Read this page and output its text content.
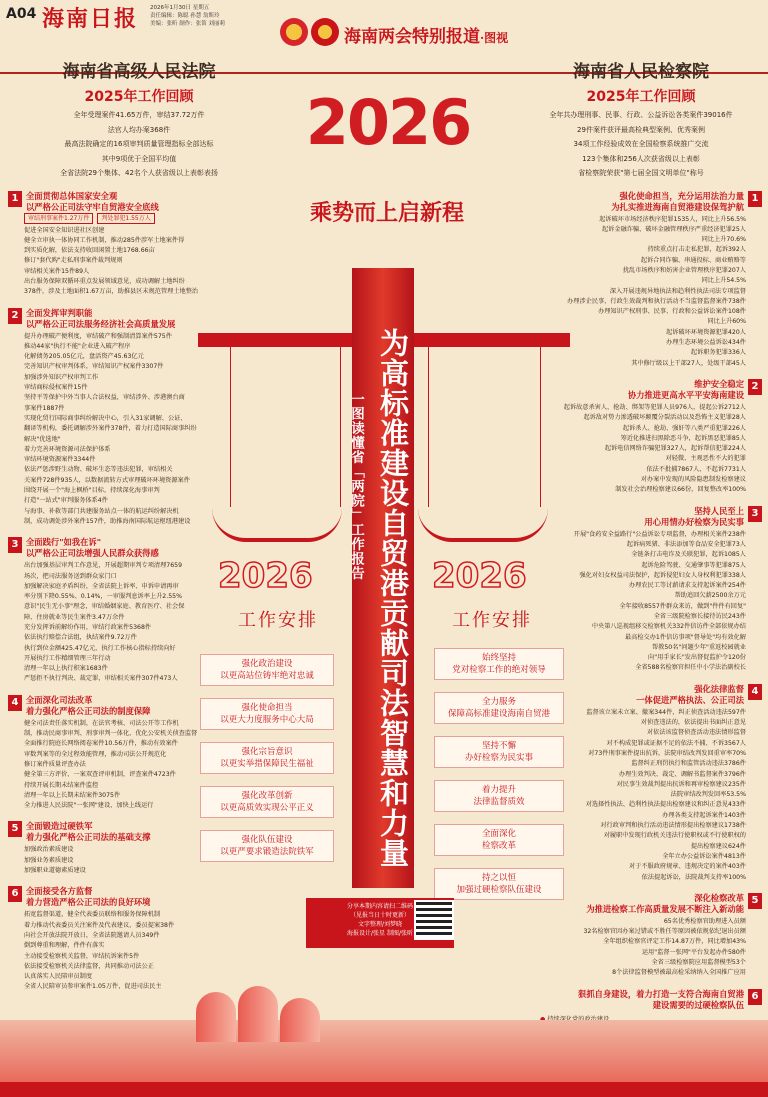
A04 海南日报 2026年1月30日 星期五
责任编辑：陈聪 孙慧 翁斯玲
美编：张昕 制作：张笛 刘丽莉
海南两会特别报道·图视
2026
乘势而上启新程
为高标准建设自贸港贡献司法智慧和力量
一图读懂省「两院」工作报告
2026	2026
工作安排	工作安排
强化政治建设
以更高站位铸牢绝对忠诚
强化使命担当
以更大力度服务中心大局
强化宗旨意识
以更实举措保障民生福祉
强化改革创新
以更高质效实现公平正义
强化队伍建设
以更严要求锻造法院铁军
始终坚持
党对检察工作的绝对领导
全力服务
保障高标准建设海南自贸港
坚持不懈
办好检察为民实事
着力提升
法律监督质效
全面深化
检察改革
持之以恒
加强过硬检察队伍建设
分享本期内容请扫二维码
（见报当日十时更新）
文字整理/刘梦晓
海报设计/张星 制图/张昕
海南省高级人民法院
2025年工作回顾
全年受理案件41.65万件，审结37.72万件
法官人均办案368件
最高法院确定的16项审判质量管理指标全部达标
其中9项优于全国平均值
全省法院29个集体、42名个人获省级以上表彰表扬
1 全面贯彻总体国家安全观
以严格公正司法守牢自贸港安全底线
审结刑事案件1.27万件	判处罪犯1.55万人
促进全国安全知识进社区创建
健全立审执一体协同工作机制，推动285件涉军土地案件得
到实质化解，依法支持收回闲置土地1768.66亩
修订"套代购"走私刑事案件裁判规则
审结相关案件15件89人
出台服务保障双循环重点发展领域意见，成功调解土地纠纷
378件，涉及土地面积1.67万亩，助推县区未规范管理土地整治
2 全面发挥审判职能
以严格公正司法服务经济社会高质量发展
提升办理破产便利度，审结破产和强制清算案件575件
推动44家"执行不能"企业进入破产程序
化解债务205.05亿元，盘活资产45.63亿元
完善知识产权审判体系，审结知识产权案件3307件
加强涉外知识产权审判工作
审结商标侵权案件15件
坚持平等保护中外当事人合法权益，审结涉外、涉港澳台商
事案件1887件
实现化贸行国际商事纠纷解决中心，引入31家调解、公证、
翻译等机构，委托调解涉外案件378件，着力打造国际商事纠纷
解决"优选地"
着力完善环境资源司法保护体系
审结环境资源案件3344件
依法严惩涉野生动物、破坏生态等违法犯罪，审结相关
关案件728件935人，以数据流转方式审理破坏环境资源案件
围绕开展一个"海上枫桥"目标，持续深化海事审判
打造"一站式"审判服务体系4件
与海事、补救等部门共建服务站点一体的航运纠纷解决机
制，成功调处涉外案件157件，助推海南国际航运枢纽港建设
3 全面践行"如我在诉"
以严格公正司法增强人民群众获得感
出台加强基层审判工作意见，开展超期审判专项清理7659
场次，把司法服务送到群众家门口
加强解决家庭矛盾纠纷，全省法院上诉率、申诉申请再审
率分别下降0.55%、0.14%，一审服判息诉率上升2.55%
意识"民生无小事"理念，审结婚姻家庭、教育医疗、社会保
障、住房就业等民生案件3.47万余件
充分发挥诉前解纷作用，审结行政案件5368件
依法执行赔偿合法组，执结案件9.72万件
执行到位金额425.47亿元，执行工作核心指标持续向好
开展执行工作精细管理三年行动
清理一年以上执行积案1683件
严惩拒不执行判决、裁定罪，审结相关案件307件473人
4 全面深化司法改革
着力强化严格公正司法的制度保障
健全司法责任落实机制，在法官考核、司法公开等工作机
制，推动民商事审判、刑事审判一体化、优化公安机关侦查监督
全面推行院庭长网络阅卷案件10.56万件，推动有效案件
审数判案等的全过程效能管理，推动司法公开规范化
修订案件质量评查办法
健全第三方评价、一案双查评审机制，评查案件4723件
持续开展长期未结案件监控
清理一年以上长期未结案件3075件
全力推进人民法院"一张网"建设，加快上线运行
5 全面锻造过硬铁军
着力强化严格公正司法的基础支撑
加强政治素质建设
加强业务素质建设
加强职业道德素质建设
6 全面接受各方监督
着力营造严格公正司法的良好环境
拓宽监督渠道，健全代表委员联络和服务保障机制
着力推动代表委员关注案件及代表建议、委员提案38件
向社会开放法院开放日，全省法院邀请人员349件
倒到尊重和理解，件件有落实
主动接受检察机关监督，审结抗诉案件5件
依法接受检察机关法律监督，共同推动司法公正
认真落实人民陪审员制度
全省人民陪审员参审案件1.05万件，促进司法民主
海南省人民检察院
2025年工作回顾
全年共办理刑事、民事、行政、公益诉讼各类案件39016件
29件案件获评最高检典型案例、优秀案例
34项工作经验成效在全国检察系统推广交流
123个集体和256人次获省级以上表彰
省检察院荣获"第七届全国文明单位"称号
1
强化使命担当，充分运用法治力量
为扎实推进海南自贸港建设保驾护航
起诉破坏市场经济秩序犯罪1535人，同比上升56.5%
起诉金融诈骗、破坏金融管理秩序严重经济犯罪25人
同比上升70.6%
持续重点打击走私犯罪，起诉392人
起诉合同诈骗、串通投标、商业贿赂等
扰乱市场秩序和妨害企业管理秩序犯罪207人
同比上升54.5%
深入开展违规异地执法和趋利性执法司法专项监督
办理涉企民事、行政生效裁判和执行活动不当监督监督案件738件
办理知识产权刑事、民事、行政和公益诉讼案件108件
同比上升60%
起诉破坏环境资源犯罪420人
办理生态环境公益诉讼434件
起诉职务犯罪336人
其中修厅级以上干部27人，处级干部45人
2
维护安全稳定
协力推进更高水平平安海南建设
起诉故意杀害人、抢劫、绑架等犯罪人员976人，提起公诉2712人
起诉敌对势力渗透破坏颠覆分裂活动以及恐怖主义犯罪28人
起诉杀人、抢劫、强奸等八类严重犯罪226人
筹近化推进扫黑除恶斗争，起诉黑恶犯罪85人
起诉电信网络诈骗犯罪327人，起诉帮信犯罪224人
对轻微、主观恶性不大的犯罪
依法不批捕7867人、不起诉7731人
对办案中发现的风险隐患制发检察建议
制发社会治理检察建议66份，回复整改率100%
3
坚持人民至上
用心用情办好检察为民实事
开展"食药安全益路行"公益诉讼专项监督，办理相关案件238件
起诉病死猪、非法添加等食品安全犯罪73人
全链条打击电诈及关联犯罪，起诉1085人
起诉危险驾驶、交通肇事等犯罪875人
强化对妇女权益司法保护，起诉侵犯妇女人身权利犯罪338人
办理农民工等讨薪请求支持起诉案件254件
帮助追回欠薪2500余万元
全年接收8557件群众来访，做到"件件有回复"
全省三级院检察长接待访民243件
中央第八巡视组移交检察机关332件信访件全部依规办结
最高检交办1件信访事项"督导处"均有效化解
帮教50名"问题少年"重返校园就业
向"用手家长"发出督促监护令120份
全省588名检察官担任中小学法治副校长
4
强化法律监督
一体促进严格执法、公正司法
监督该立案未立案、撤案344件，纠正侦查活动违法597件
对侦查违法的，依法提出书面纠正意见
对依法该监督侦查活动违法情形监督
对不构成犯罪或证据不足的依法不捕、不诉3567人
对73件刑事案件提出抗诉，法院审结改判发回重审率70%
监督纠正刑罚执行和监管活动违法3786件
办理生效判决、裁定、调解书监督案件3796件
对民事生效裁判提出抗诉和再审检察建议235件
法院审结改判发回率53.5%
对选择性执法、趋利性执法提出检察建议和纠正意见433件
办理各类支持起诉案件1403件
对行政审判和执行活动违法情形提出检察建议1738件
对履职中发现行政机关违法行使职权或不行使职权的
提出检察建议624件
全年立办公益诉讼案件4813件
对于不服政府规章、违规决定的案件403件
依法提起诉讼，法院裁判支持率100%
5
深化检察改革
为推进检察工作高质量发展不断注入新动能
65名优秀检察官助理进入员额
32名检察官因办案过错或不胜任等原因被依规依纪退出员额
全年组织检察官评定工作14.87万件，同比增加43%
运用"监督一张网"平台发起办件580件
全省三级检察院应用监督模型53个
8个法律监督模型被最高检采纳纳入全国推广应用
6
狠抓自身建设，着力打造一支符合海南自贸港
建设需要的过硬检察队伍
●
●
●
●
